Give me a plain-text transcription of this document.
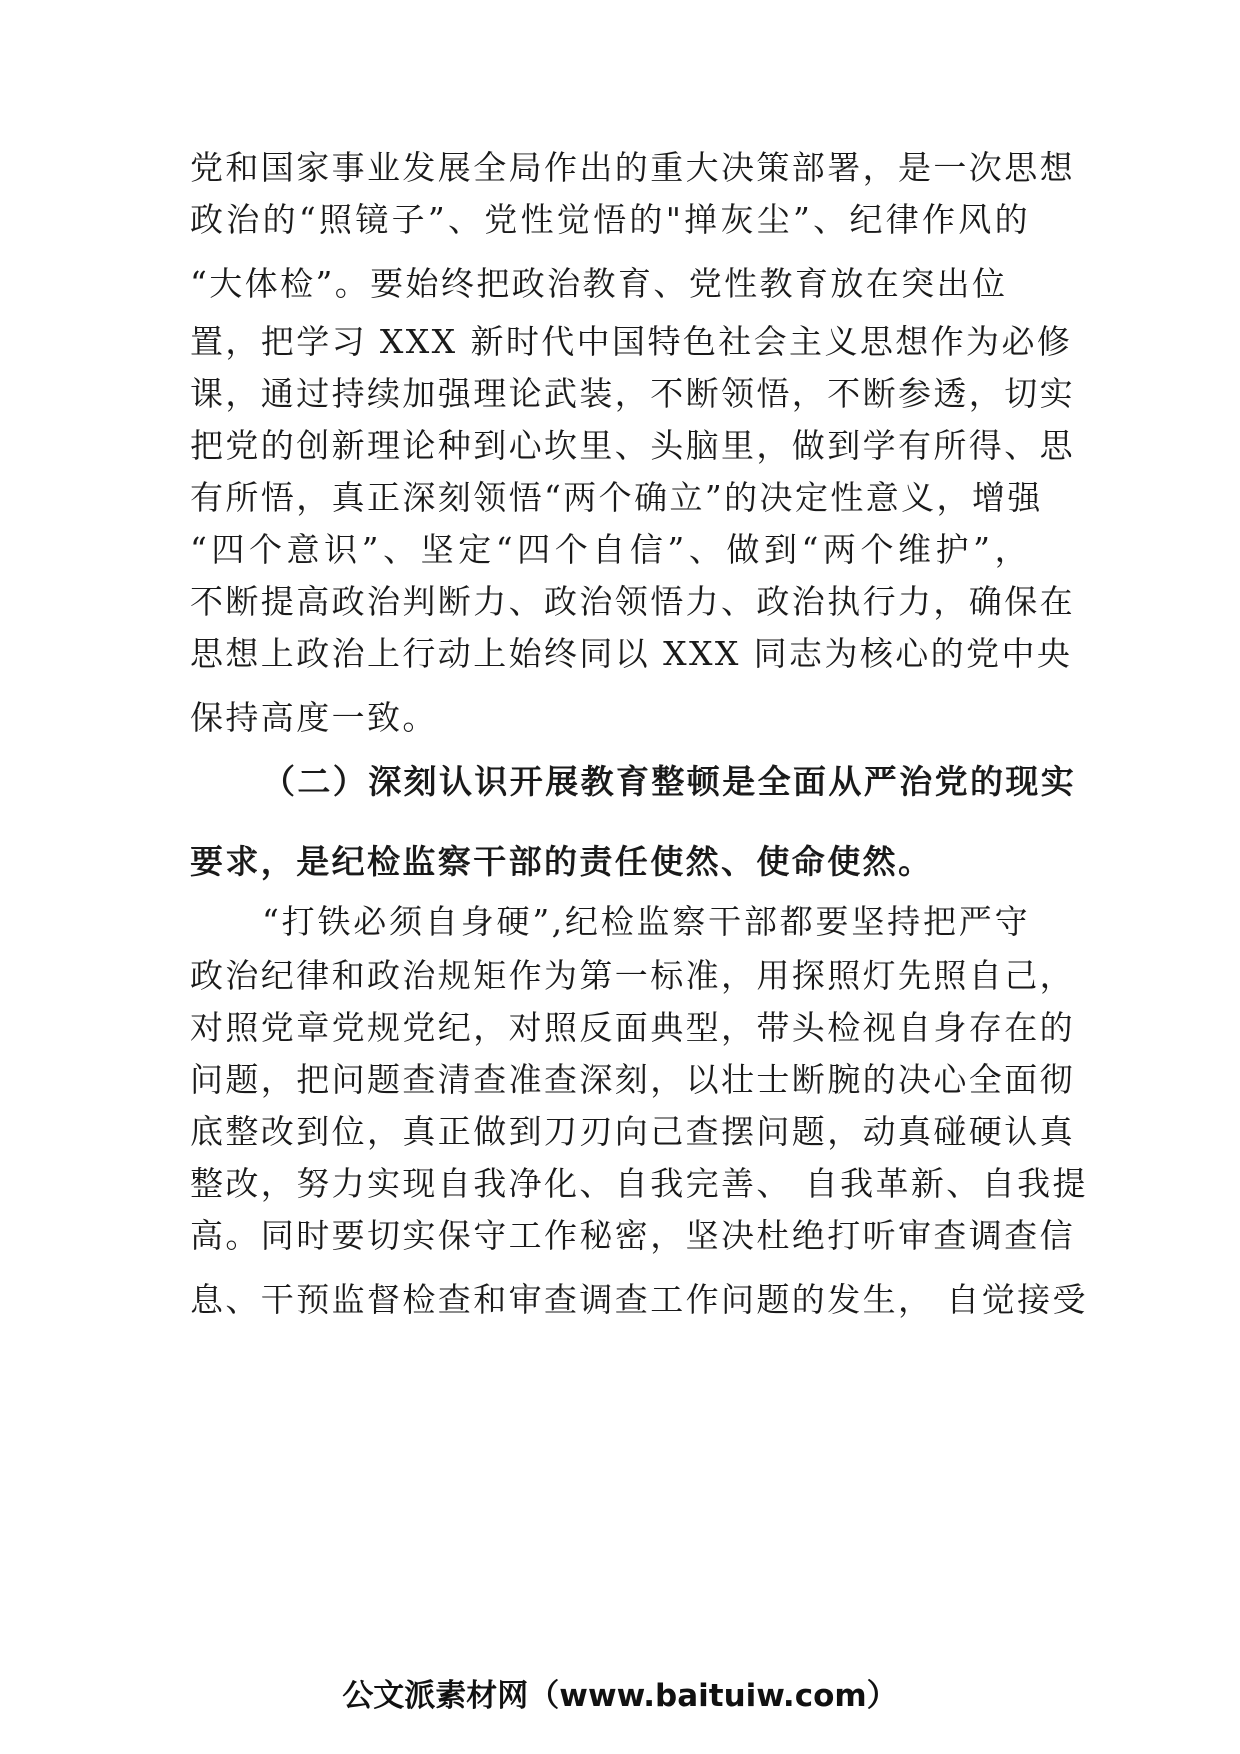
党和国家事业发展全局作出的重大决策部署，是一次思想
政治的“照镜子”、党性觉悟的"掸灰尘”、纪律作风的
“大体检”。要始终把政治教育、党性教育放在突出位
置，把学习 XXX 新时代中国特色社会主义思想作为必修
课，通过持续加强理论武装，不断领悟，不断参透，切实
把党的创新理论种到心坎里、头脑里，做到学有所得、思
有所悟，真正深刻领悟“两个确立”的决定性意义，增强
“四个意识”、坚定“四个自信”、做到“两个维护”，
不断提高政治判断力、政治领悟力、政治执行力，确保在
思想上政治上行动上始终同以 XXX 同志为核心的党中央
保持高度一致。
（二）深刻认识开展教育整顿是全面从严治党的现实
要求，是纪检监察干部的责任使然、使命使然。
“打铁必须自身硬”,纪检监察干部都要坚持把严守
政治纪律和政治规矩作为第一标准，用探照灯先照自己，
对照党章党规党纪，对照反面典型，带头检视自身存在的
问题，把问题查清查准查深刻，以壮士断腕的决心全面彻
底整改到位，真正做到刀刃向己查摆问题，动真碰硬认真
整改，努力实现自我净化、自我完善、 自我革新、自我提
高。同时要切实保守工作秘密，坚决杜绝打听审查调查信
息、干预监督检查和审查调查工作问题的发生， 自觉接受
公文派素材网（www.baituiw.com）
